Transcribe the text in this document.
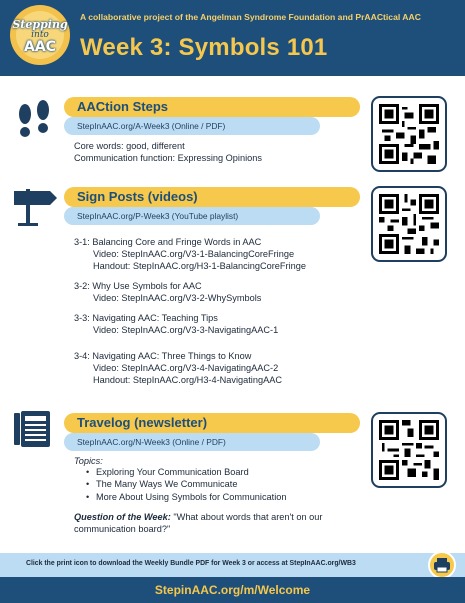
Stepping
into
AAC
A collaborative project of the Angelman Syndrome Foundation and PrAACtical AAC
Week 3: Symbols 101
AACtion Steps
StepInAAC.org/A-Week3 (Online / PDF)
Core words: good, different
Communication function: Expressing Opinions
Sign Posts (videos)
StepInAAC.org/P-Week3 (YouTube playlist)
3-1: Balancing Core and Fringe Words in AAC
Video: StepInAAC.org/V3-1-BalancingCoreFringe
Handout: StepInAAC.org/H3-1-BalancingCoreFringe
3-2: Why Use Symbols for AAC
Video: StepInAAC.org/V3-2-WhySymbols
3-3: Navigating AAC: Teaching Tips
Video: StepInAAC.org/V3-3-NavigatingAAC-1
3-4: Navigating AAC: Three Things to Know
Video: StepInAAC.org/V3-4-NavigatingAAC-2
Handout: StepInAAC.org/H3-4-NavigatingAAC
Travelog (newsletter)
StepInAAC.org/N-Week3 (Online / PDF)
Topics:
• Exploring Your Communication Board
• The Many Ways We Communicate
• More About Using Symbols for Communication
Question of the Week: "What about words that aren't on our
communication board?"
Click the print icon to download the Weekly Bundle PDF for Week 3 or access at StepInAAC.org/WB3
StepinAAC.org/m/Welcome
